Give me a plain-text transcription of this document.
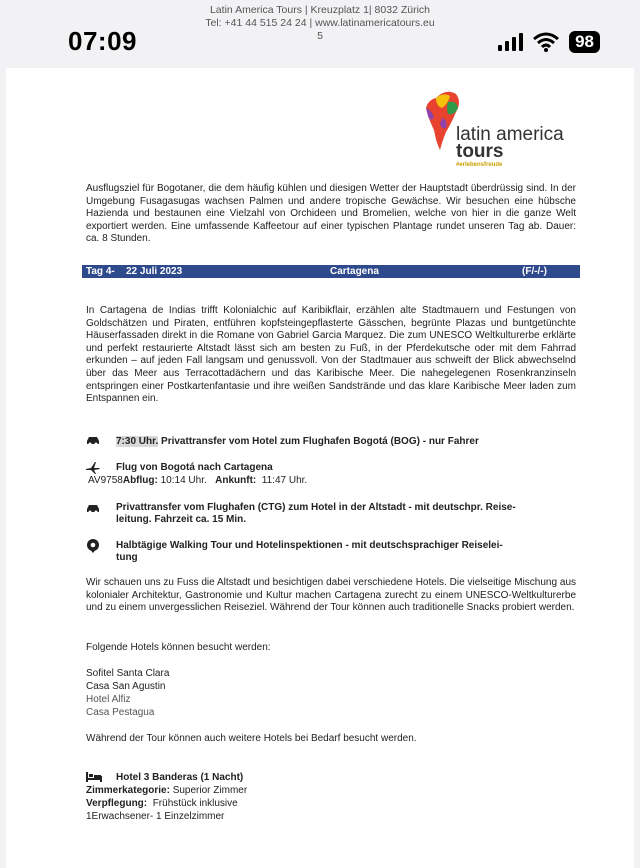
Latin America Tours | Kreuzplatz 1| 8032 Zürich
Tel: +41 44 515 24 24 | www.latinamericatours.eu
5
07:09	98
latin america
tours
#erlebensfreude

Ausflugsziel für Bogotaner, die dem häufig kühlen und diesigen Wetter der Hauptstadt überdrüssig sind. In der Umgebung Fusagasugas wachsen Palmen und andere tropische Gewächse. Wir besuchen eine hübsche Hazienda und bestaunen eine Vielzahl von Orchideen und Bromelien, welche von hier in die ganze Welt exportiert werden. Eine umfassende Kaffeetour auf einer typischen Plantage rundet unseren Tag ab. Dauer: ca. 8 Stunden.

Tag 4- 22 Juli 2023	Cartagena	(F/-/-)

In Cartagena de Indias trifft Kolonialchic auf Karibikflair, erzählen alte Stadtmauern und Festungen von Goldschätzen und Piraten, entführen kopfsteingepflasterte Gässchen, begrünte Plazas und buntgetünchte Häuserfassaden direkt in die Romane von Gabriel Garcia Marquez. Die zum UNESCO Weltkulturerbe erklärte und perfekt restaurierte Altstadt lässt sich am besten zu Fuß, in der Pferdekutsche oder mit dem Fahrrad erkunden – auf jeden Fall langsam und genussvoll. Von der Stadtmauer aus schweift der Blick abwechselnd über das Meer aus Terracottadächern und das Karibische Meer. Die nahegelegenen Rosenkranzinseln entspringen einer Postkartenfantasie und ihre weißen Sandstrände und das klare Karibische Meer laden zum Entspannen ein.

7:30 Uhr. Privattransfer vom Hotel zum Flughafen Bogotá (BOG) - nur Fahrer
Flug von Bogotá nach Cartagena
AV9758Abflug: 10:14 Uhr. Ankunft: 11:47 Uhr.
Privattransfer vom Flughafen (CTG) zum Hotel in der Altstadt - mit deutschpr. Reise-
leitung. Fahrzeit ca. 15 Min.
Halbtägige Walking Tour und Hotelinspektionen - mit deutschsprachiger Reiselei-
tung

Wir schauen uns zu Fuss die Altstadt und besichtigen dabei verschiedene Hotels. Die vielseitige Mischung aus kolonialer Architektur, Gastronomie und Kultur machen Cartagena zurecht zu einem UNESCO-Weltkulturerbe und zu einem unvergesslichen Reiseziel. Während der Tour können auch traditionelle Snacks probiert werden.

Folgende Hotels können besucht werden:
Sofitel Santa Clara
Casa San Agustin
Hotel Alfiz
Casa Pestagua
Während der Tour können auch weitere Hotels bei Bedarf besucht werden.
Hotel 3 Banderas (1 Nacht)
Zimmerkategorie: Superior Zimmer
Verpflegung: Frühstück inklusive
1Erwachsener- 1 Einzelzimmer
